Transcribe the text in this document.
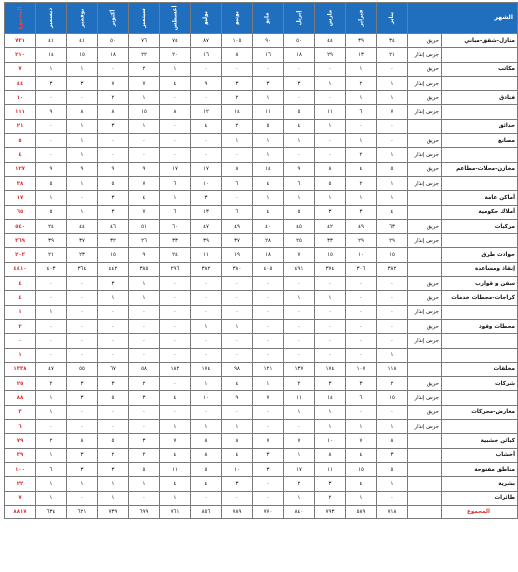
الشهر		يناير	فبراير	مارس	إبريل	مايو	يونيو	يوليو	أغسطس	سبتمبر	أكتوبر	نوفمبر	ديسمبر	المجموع
منازل-شقق-مباني	حريق	٣٤	٣٩	٤٤	٥٠	٩٠	١٠٥	٨٧	٧٤	٧٦	٥٠	٤١	٤١	٧٣١
	جرس إنذار	٢١	١٣	٢٩	١٨	١٦	٨	١٦	٢٠	٢٢	١٨	١٥	١٤	٢١٠
مكاتب	حريق	٠	١	٠	٠	٠	٠	٠	١	٢	٠	١	١	٧
	جرس إنذار	١	٢	١	٣	٣	٣	٩	٤	٧	٧	٣	٣	٤٤
فنادق	حريق	١	١	٠	٠	١	٢	٠	٠	١	٢	٠	٠	١٠
	جرس إنذار	٧	٦	١١	٥	١١	١٤	١٢	٨	١٥	٨	٨	٩	١١١
حدائق		٠	٠	١	٤	٥	٢	٤	٠	١	٣	١	٠	٢١
مصانع	حريق	٠	١	٠	١	١	١	٠	٠	٠	٠	١	٠	٥
	جرس إنذار	١	٢	٠	٠	١	٠	٠	٠	٠	٠	١	٠	٤
مخازن-محلات-مطاعم	حريق	٥	٤	٨	٩	١٤	٨	١٧	١٧	٩	٩	٩	٩	١٢٧
	جرس إنذار	١	٢	٥	٦	٤	٦	١٠	٦	٧	٥	١	٥	٣٨
أماكن عامة		١	١	١	١	١	٠	٣	١	٤	٣	٠	١	١٧
أملاك حكومية		٤	٣	٣	٥	٤	٦	١٣	٦	٧	٣	١	٥	٦٥
مركبات	حريق	٦٣	٤٩	٤٢	٤٥	٤٠	٤٩	٤٧	٦٠	٥١	٤٦	٤٤	٢٤	٥٤٠
	جرس إنذار	٢٩	٢٩	٣٣	٢٥	٢٨	٣٧	٣٩	٣٣	٢٦	٣٢	٣٧	٣٩	٣٦٩
حوادث طرق		١٥	١٠	١٥	٧	١٨	١٩	١١	٢٤	٩	١٥	٢٣	٢١	٢٠٣
إنقاذ ومساعدة		٣٨٢	٣٠٦	٣٧٤	٤٩١	٤٠٥	٣٨٠	٣٨٢	٢٩٦	٣٨٥	٤٤٢	٣٦٤	٤٠٣	٤٤١٠
سفن و قوارب	حريق	٠	٠	٠	٠	٠	٠	٠	٠	١	٣	٠	٠	٤
كراجات-محطات خدمات	حريق	٠	٠	١	١	٠	٠	٠	٠	١	١	٠	٠	٤
	جرس إنذار	٠	٠	٠	٠	٠	٠	٠	٠	٠	٠	٠	١	١
محطات وقود	حريق	٠	٠	٠	٠	٠	١	١	٠	٠	٠	٠	٠	٢
	جرس إنذار	٠	٠	٠	٠	٠	٠	٠	٠	٠	٠	٠	٠	٠
		١	٠	٠	٠	٠	٠	٠	٠	٠	٠	٠	٠	١
مخلفات		١١٨	١٠٧	١٧٤	١٣٧	١٢١	٩٨	١٧٤	١٨٢	٥٨	٦٧	٥٥	٤٧	١٣٣٨
شركات	حريق	٢	٣	٣	٢	١	٤	١	٠	٢	٣	٣	٢	٢٥
	جرس إنذار	١٥	٦	١٤	١١	٧	٩	١٠	٤	٣	٥	٣	١	٨٨
معارض-محركات	حريق	٠	٠	١	١	٠	٠	٠	٠	٠	٠	٠	١	٣
	جرس إنذار	١	١	١	٠	٠	١	١	١	٠	٠	٠	٠	٦
كبائن خشبية		٨	٧	١٠	٧	٧	٨	٨	٧	٣	٥	٨	٢	٧٩
أخشاب		٣	٤	٨	١	٣	٤	٨	٤	٢	٢	٣	١	٣٩
مناطق مفتوحة		٥	١٥	١١	١٧	٣	١٠	٥	١١	٥	٣	٣	٦	١٠٠
بشرية		١	٤	٣	٢	٠	٣	٤	٤	١	١	١	١	٢٢
طائرات		٠	١	٢	١	٠	٠	٠	١	٠	١	٠	١	٧
المجموع		٧١٨	٥٨٩	٧٩٣	٨٤٠	٧٧٠	٧٨٩	٨٥٦	٧٦١	٦٩٩	٧٣٩	٦٢١	٦٣٤	٨٨١٧
